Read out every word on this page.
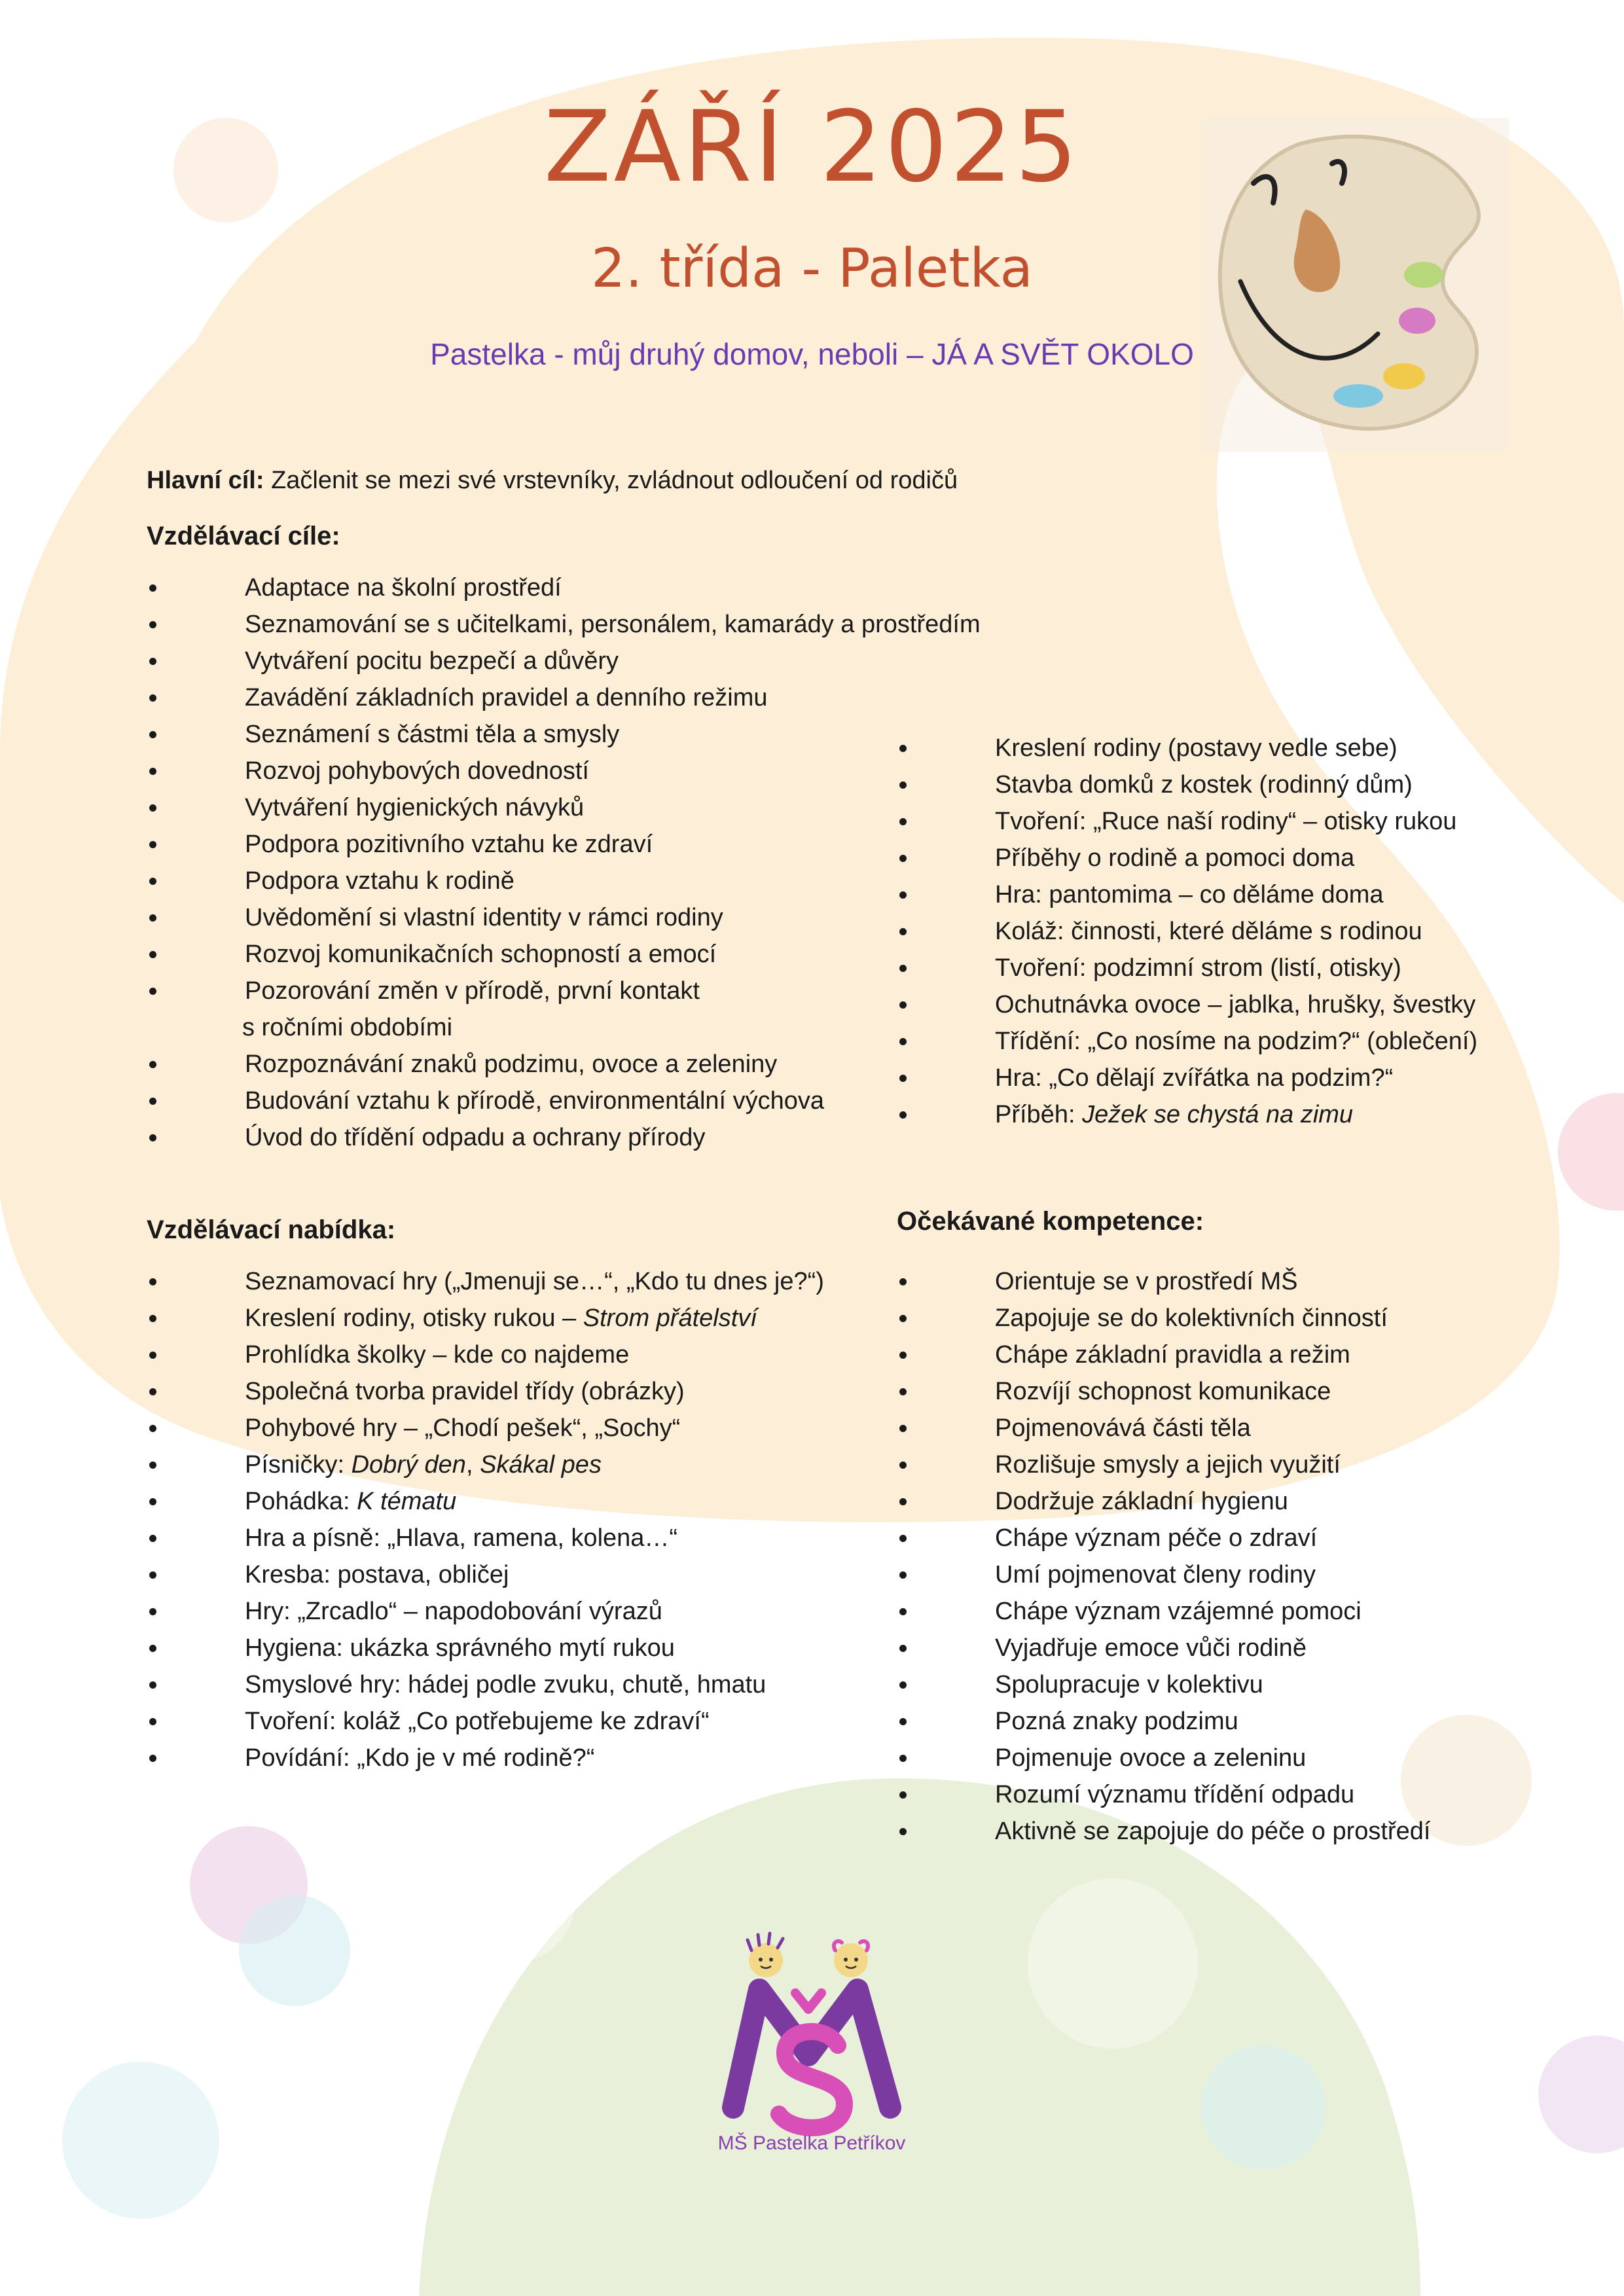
ZÁŘÍ 2025
2. třída - Paletka
Pastelka - můj druhý domov, neboli – JÁ A SVĚT OKOLO
Hlavní cíl: Začlenit se mezi své vrstevníky, zvládnout odloučení od rodičů
Vzdělávací cíle:
Adaptace na školní prostředí
Seznamování se s učitelkami, personálem, kamarády a prostředím
Vytváření pocitu bezpečí a důvěry
Zavádění základních pravidel a denního režimu
Seznámení s částmi těla a smysly
Rozvoj pohybových dovedností
Vytváření hygienických návyků
Podpora pozitivního vztahu ke zdraví
Podpora vztahu k rodině
Uvědomění si vlastní identity v rámci rodiny
Rozvoj komunikačních schopností a emocí
Pozorování změn v přírodě, první kontakt
s ročními obdobími
Rozpoznávání znaků podzimu, ovoce a zeleniny
Budování vztahu k přírodě, environmentální výchova
Úvod do třídění odpadu a ochrany přírody
Kreslení rodiny (postavy vedle sebe)
Stavba domků z kostek (rodinný dům)
Tvoření: „Ruce naší rodiny“ – otisky rukou
Příběhy o rodině a pomoci doma
Hra: pantomima – co děláme doma
Koláž: činnosti, které děláme s rodinou
Tvoření: podzimní strom (listí, otisky)
Ochutnávka ovoce – jablka, hrušky, švestky
Třídění: „Co nosíme na podzim?“ (oblečení)
Hra: „Co dělají zvířátka na podzim?“
Příběh: Ježek se chystá na zimu
Vzdělávací nabídka:
Seznamovací hry („Jmenuji se…“, „Kdo tu dnes je?“)
Kreslení rodiny, otisky rukou – Strom přátelství
Prohlídka školky – kde co najdeme
Společná tvorba pravidel třídy (obrázky)
Pohybové hry – „Chodí pešek“, „Sochy“
Písničky: Dobrý den, Skákal pes
Pohádka: K tématu
Hra a písně: „Hlava, ramena, kolena…“
Kresba: postava, obličej
Hry: „Zrcadlo“ – napodobování výrazů
Hygiena: ukázka správného mytí rukou
Smyslové hry: hádej podle zvuku, chutě, hmatu
Tvoření: koláž „Co potřebujeme ke zdraví“
Povídání: „Kdo je v mé rodině?“
Očekávané kompetence:
Orientuje se v prostředí MŠ
Zapojuje se do kolektivních činností
Chápe základní pravidla a režim
Rozvíjí schopnost komunikace
Pojmenovává části těla
Rozlišuje smysly a jejich využití
Dodržuje základní hygienu
Chápe význam péče o zdraví
Umí pojmenovat členy rodiny
Chápe význam vzájemné pomoci
Vyjadřuje emoce vůči rodině
Spolupracuje v kolektivu
Pozná znaky podzimu
Pojmenuje ovoce a zeleninu
Rozumí významu třídění odpadu
Aktivně se zapojuje do péče o prostředí
MŠ Pastelka Petříkov
